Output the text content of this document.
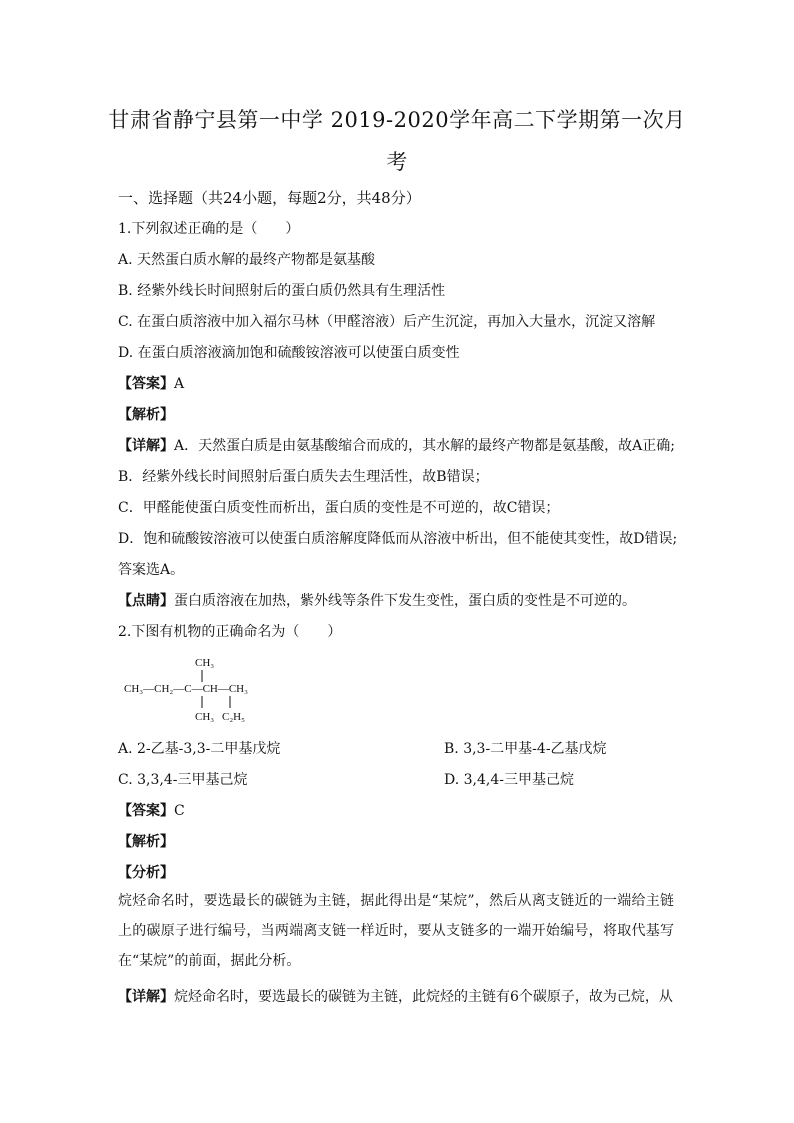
甘肃省静宁县第一中学 2019-2020学年高二下学期第一次月
考
一、选择题（共24小题，每题2分，共48分）
1.下列叙述正确的是（　　）
A. 天然蛋白质水解的最终产物都是氨基酸
B. 经紫外线长时间照射后的蛋白质仍然具有生理活性
C. 在蛋白质溶液中加入福尔马林（甲醛溶液）后产生沉淀，再加入大量水，沉淀又溶解
D. 在蛋白质溶液滴加饱和硫酸铵溶液可以使蛋白质变性
【答案】A
【解析】
【详解】A．天然蛋白质是由氨基酸缩合而成的，其水解的最终产物都是氨基酸，故A正确;
B．经紫外线长时间照射后蛋白质失去生理活性，故B错误；
C．甲醛能使蛋白质变性而析出，蛋白质的变性是不可逆的，故C错误；
D．饱和硫酸铵溶液可以使蛋白质溶解度降低而从溶液中析出，但不能使其变性，故D错误;
答案选A。
【点睛】蛋白质溶液在加热，紫外线等条件下发生变性，蛋白质的变性是不可逆的。
2.下图有机物的正确命名为（　　）
CH₃
CH₃—CH₂—C—CH—CH₃
CH₃ C₂H₅
A. 2-乙基-3,3-二甲基戊烷	B. 3,3-二甲基-4-乙基戊烷
C. 3,3,4-三甲基己烷	D. 3,4,4-三甲基己烷
【答案】C
【解析】
【分析】
烷烃命名时，要选最长的碳链为主链，据此得出是“某烷”，然后从离支链近的一端给主链上的碳原子进行编号，当两端离支链一样近时，要从支链多的一端开始编号，将取代基写在“某烷”的前面，据此分析。
【详解】烷烃命名时，要选最长的碳链为主链，此烷烃的主链有6个碳原子，故为己烷，从
